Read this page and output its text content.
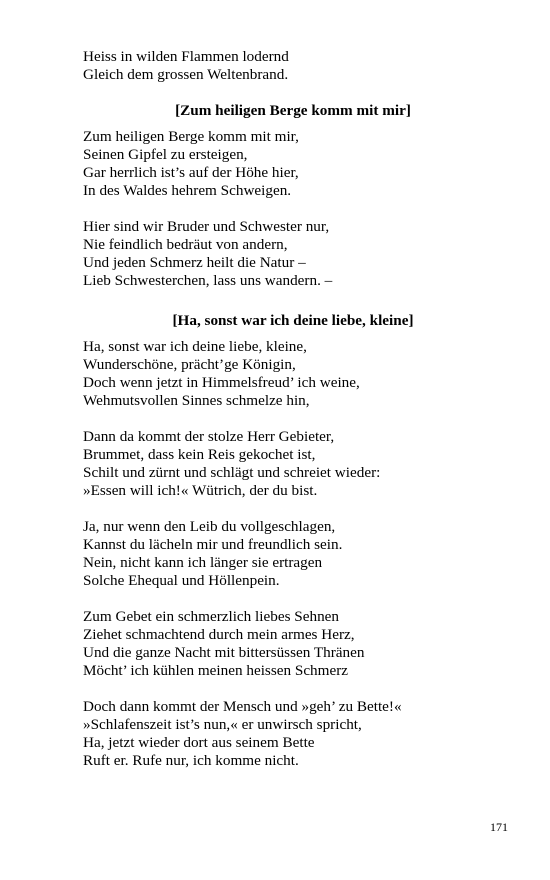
Heiss in wilden Flammen lodernd
Gleich dem grossen Weltenbrand.
[Zum heiligen Berge komm mit mir]
Zum heiligen Berge komm mit mir,
Seinen Gipfel zu ersteigen,
Gar herrlich ist’s auf der Höhe hier,
In des Waldes hehrem Schweigen.
Hier sind wir Bruder und Schwester nur,
Nie feindlich bedräut von andern,
Und jeden Schmerz heilt die Natur –
Lieb Schwesterchen, lass uns wandern. –
[Ha, sonst war ich deine liebe, kleine]
Ha, sonst war ich deine liebe, kleine,
Wunderschöne, prächt’ge Königin,
Doch wenn jetzt in Himmelsfreud’ ich weine,
Wehmutsvollen Sinnes schmelze hin,
Dann da kommt der stolze Herr Gebieter,
Brummet, dass kein Reis gekochet ist,
Schilt und zürnt und schlägt und schreiet wieder:
»Essen will ich!« Wütrich, der du bist.
Ja, nur wenn den Leib du vollgeschlagen,
Kannst du lächeln mir und freundlich sein.
Nein, nicht kann ich länger sie ertragen
Solche Ehequal und Höllenpein.
Zum Gebet ein schmerzlich liebes Sehnen
Ziehet schmachtend durch mein armes Herz,
Und die ganze Nacht mit bittersüssen Thränen
Möcht’ ich kühlen meinen heissen Schmerz
Doch dann kommt der Mensch und »geh’ zu Bette!«
»Schlafenszeit ist’s nun,« er unwirsch spricht,
Ha, jetzt wieder dort aus seinem Bette
Ruft er. Rufe nur, ich komme nicht.
171
